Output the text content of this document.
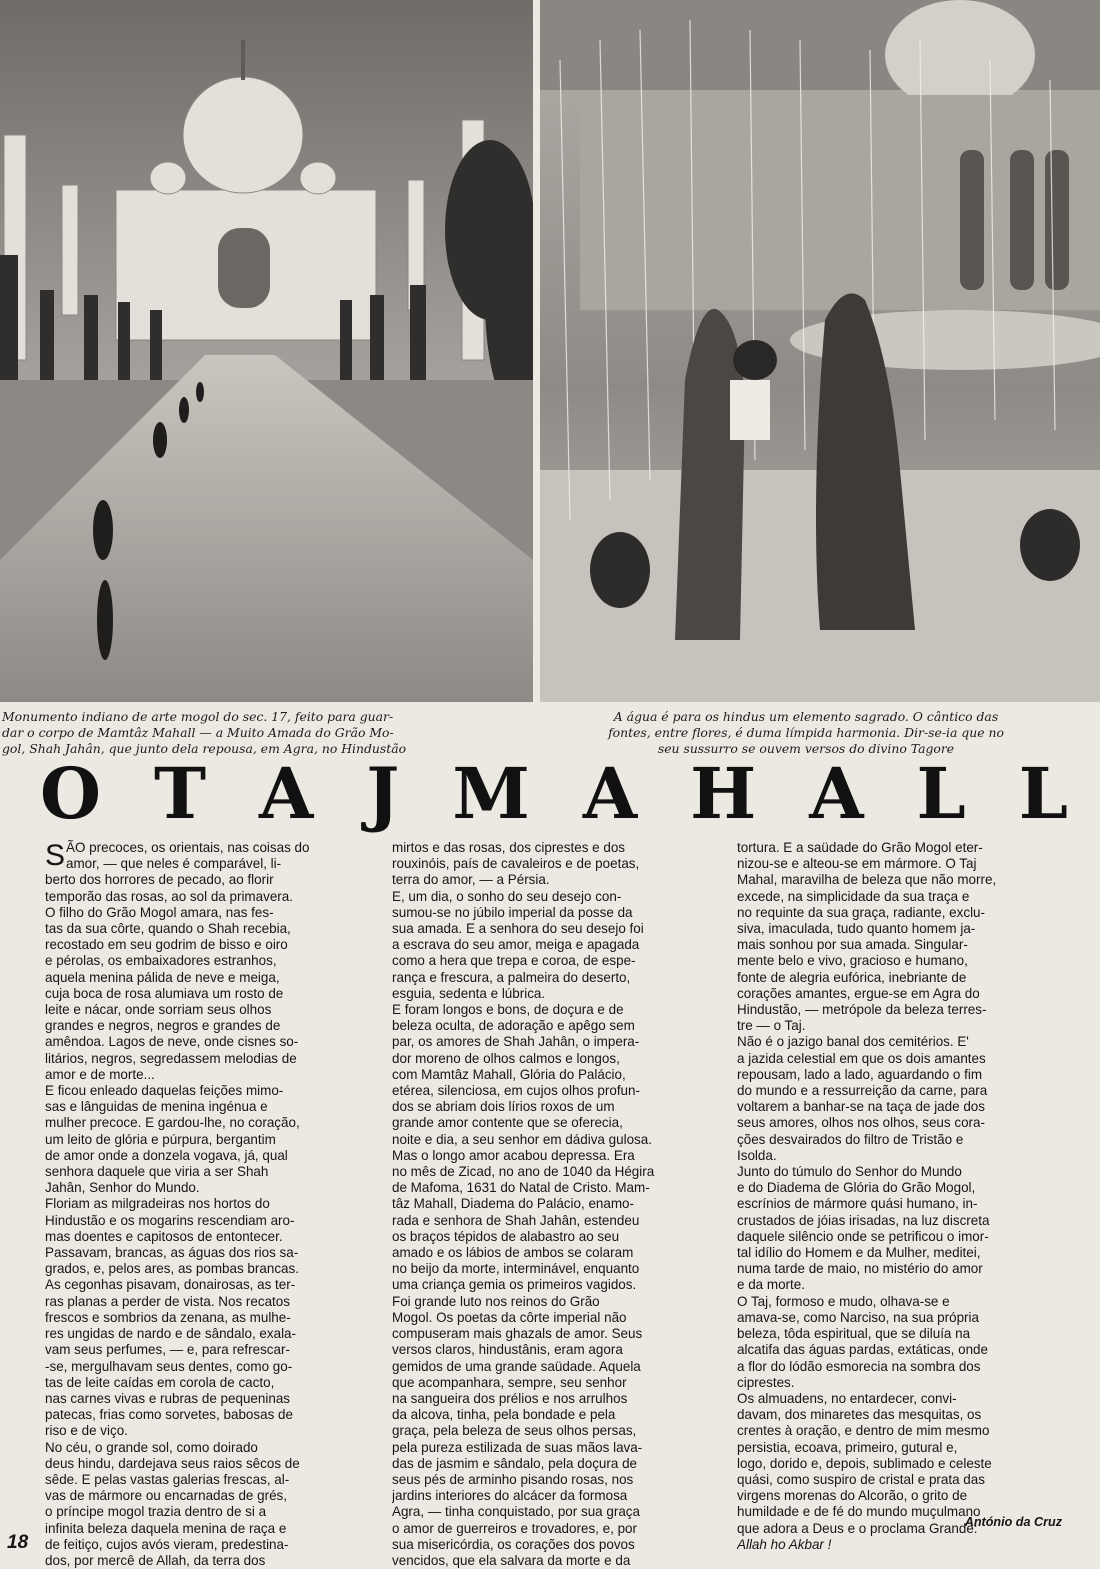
Monumento indiano de arte mogol do sec. 17, feito para guar-
dar o corpo de Mamtâz Mahall — a Muito Amada do Grão Mo-
gol, Shah Jahân, que junto dela repousa, em Agra, no Hindustão
A água é para os hindus um elemento sagrado. O cântico das
fontes, entre flores, é duma límpida harmonia. Dir-se-ia que no
seu sussurro se ouvem versos do divino Tagore
O T A J M A H A L L
S ÃO precoces, os orientais, nas coisas do
amor, — que neles é comparável, li-
berto dos horrores de pecado, ao florir
temporão das rosas, ao sol da primavera.
O filho do Grão Mogol amara, nas fes-
tas da sua côrte, quando o Shah recebia,
recostado em seu godrim de bisso e oiro
e pérolas, os embaixadores estranhos,
aquela menina pálida de neve e meiga,
cuja boca de rosa alumiava um rosto de
leite e nácar, onde sorriam seus olhos
grandes e negros, negros e grandes de
amêndoa. Lagos de neve, onde cisnes so-
litários, negros, segredassem melodias de
amor e de morte...
E ficou enleado daquelas feições mimo-
sas e lânguidas de menina ingénua e
mulher precoce. E gardou-lhe, no coração,
um leito de glória e púrpura, bergantim
de amor onde a donzela vogava, já, qual
senhora daquele que viria a ser Shah
Jahân, Senhor do Mundo.
Floriam as milgradeiras nos hortos do
Hindustão e os mogarins rescendiam aro-
mas doentes e capitosos de entontecer.
Passavam, brancas, as águas dos rios sa-
grados, e, pelos ares, as pombas brancas.
As cegonhas pisavam, donairosas, as ter-
ras planas a perder de vista. Nos recatos
frescos e sombrios da zenana, as mulhe-
res ungidas de nardo e de sândalo, exala-
vam seus perfumes, — e, para refrescar-
-se, mergulhavam seus dentes, como go-
tas de leite caídas em corola de cacto,
nas carnes vivas e rubras de pequeninas
patecas, frias como sorvetes, babosas de
riso e de viço.
No céu, o grande sol, como doirado
deus hindu, dardejava seus raios sêcos de
sêde. E pelas vastas galerias frescas, al-
vas de mármore ou encarnadas de grés,
o príncipe mogol trazia dentro de si a
infinita beleza daquela menina de raça e
de feitiço, cujos avós vieram, predestina-
dos, por mercê de Allah, da terra dos
mirtos e das rosas, dos ciprestes e dos
rouxinóis, país de cavaleiros e de poetas,
terra do amor, — a Pérsia.
E, um dia, o sonho do seu desejo con-
sumou-se no júbilo imperial da posse da
sua amada. E a senhora do seu desejo foi
a escrava do seu amor, meiga e apagada
como a hera que trepa e coroa, de espe-
rança e frescura, a palmeira do deserto,
esguia, sedenta e lúbrica.
E foram longos e bons, de doçura e de
beleza oculta, de adoração e apêgo sem
par, os amores de Shah Jahân, o impera-
dor moreno de olhos calmos e longos,
com Mamtâz Mahall, Glória do Palácio,
etérea, silenciosa, em cujos olhos profun-
dos se abriam dois lírios roxos de um
grande amor contente que se oferecia,
noite e dia, a seu senhor em dádiva gulosa.
Mas o longo amor acabou depressa. Era
no mês de Zicad, no ano de 1040 da Hégira
de Mafoma, 1631 do Natal de Cristo. Mam-
tâz Mahall, Diadema do Palácio, enamo-
rada e senhora de Shah Jahân, estendeu
os braços tépidos de alabastro ao seu
amado e os lábios de ambos se colaram
no beijo da morte, interminável, enquanto
uma criança gemia os primeiros vagidos.
Foi grande luto nos reinos do Grão
Mogol. Os poetas da côrte imperial não
compuseram mais ghazals de amor. Seus
versos claros, hindustânis, eram agora
gemidos de uma grande saüdade. Aquela
que acompanhara, sempre, seu senhor
na sangueira dos prélios e nos arrulhos
da alcova, tinha, pela bondade e pela
graça, pela beleza de seus olhos persas,
pela pureza estilizada de suas mãos lava-
das de jasmim e sândalo, pela doçura de
seus pés de arminho pisando rosas, nos
jardins interiores do alcácer da formosa
Agra, — tinha conquistado, por sua graça
o amor de guerreiros e trovadores, e, por
sua misericórdia, os corações dos povos
vencidos, que ela salvara da morte e da
tortura. E a saüdade do Grão Mogol eter-
nizou-se e alteou-se em mármore. O Taj
Mahal, maravilha de beleza que não morre,
excede, na simplicidade da sua traça e
no requinte da sua graça, radiante, exclu-
siva, imaculada, tudo quanto homem ja-
mais sonhou por sua amada. Singular-
mente belo e vivo, gracioso e humano,
fonte de alegria eufórica, inebriante de
corações amantes, ergue-se em Agra do
Hindustão, — metrópole da beleza terres-
tre — o Taj.
Não é o jazigo banal dos cemitérios. E'
a jazida celestial em que os dois amantes
repousam, lado a lado, aguardando o fim
do mundo e a ressurreição da carne, para
voltarem a banhar-se na taça de jade dos
seus amores, olhos nos olhos, seus cora-
ções desvairados do filtro de Tristão e
Isolda.
Junto do túmulo do Senhor do Mundo
e do Diadema de Glória do Grão Mogol,
escrínios de mármore quási humano, in-
crustados de jóias irisadas, na luz discreta
daquele silêncio onde se petrificou o imor-
tal idílio do Homem e da Mulher, meditei,
numa tarde de maio, no mistério do amor
e da morte.
O Taj, formoso e mudo, olhava-se e
amava-se, como Narciso, na sua própria
beleza, tôda espiritual, que se diluía na
alcatifa das águas pardas, extáticas, onde
a flor do lódão esmorecia na sombra dos
ciprestes.
Os almuadens, no entardecer, convi-
davam, dos minaretes das mesquitas, os
crentes à oração, e dentro de mim mesmo
persistia, ecoava, primeiro, gutural e,
logo, dorido e, depois, sublimado e celeste
quási, como suspiro de cristal e prata das
virgens morenas do Alcorão, o grito de
humildade e de fé do mundo muçulmano
que adora a Deus e o proclama Grande:
Allah ho Akbar !
António da Cruz
18
